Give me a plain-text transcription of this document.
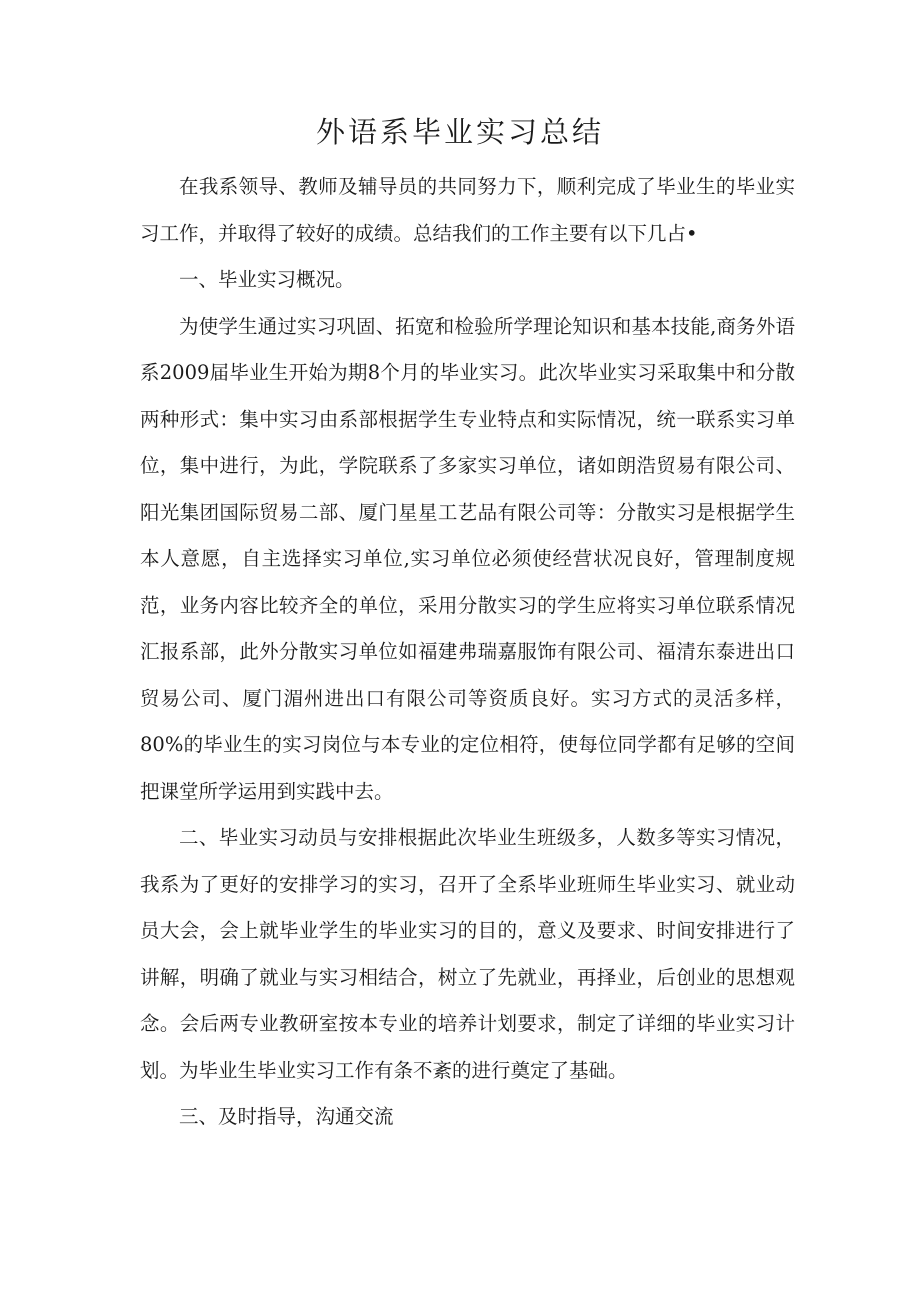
外语系毕业实习总结

在我系领导、教师及辅导员的共同努力下，顺利完成了毕业生的毕业实习工作，并取得了较好的成绩。总结我们的工作主要有以下几占•

一、毕业实习概况。

为使学生通过实习巩固、拓宽和检验所学理论知识和基本技能,商务外语系2009届毕业生开始为期8个月的毕业实习。此次毕业实习采取集中和分散两种形式：集中实习由系部根据学生专业特点和实际情况，统一联系实习单位，集中进行，为此，学院联系了多家实习单位，诸如朗浩贸易有限公司、阳光集团国际贸易二部、厦门星星工艺品有限公司等：分散实习是根据学生本人意愿，自主选择实习单位,实习单位必须使经营状况良好，管理制度规范，业务内容比较齐全的单位，采用分散实习的学生应将实习单位联系情况汇报系部，此外分散实习单位如福建弗瑞嘉服饰有限公司、福清东泰进出口贸易公司、厦门湄州进出口有限公司等资质良好。实习方式的灵活多样，80%的毕业生的实习岗位与本专业的定位相符，使每位同学都有足够的空间把课堂所学运用到实践中去。

二、毕业实习动员与安排根据此次毕业生班级多，人数多等实习情况，我系为了更好的安排学习的实习，召开了全系毕业班师生毕业实习、就业动员大会，会上就毕业学生的毕业实习的目的，意义及要求、时间安排进行了讲解，明确了就业与实习相结合，树立了先就业，再择业，后创业的思想观念。会后两专业教研室按本专业的培养计划要求，制定了详细的毕业实习计划。为毕业生毕业实习工作有条不紊的进行奠定了基础。

三、及时指导，沟通交流
